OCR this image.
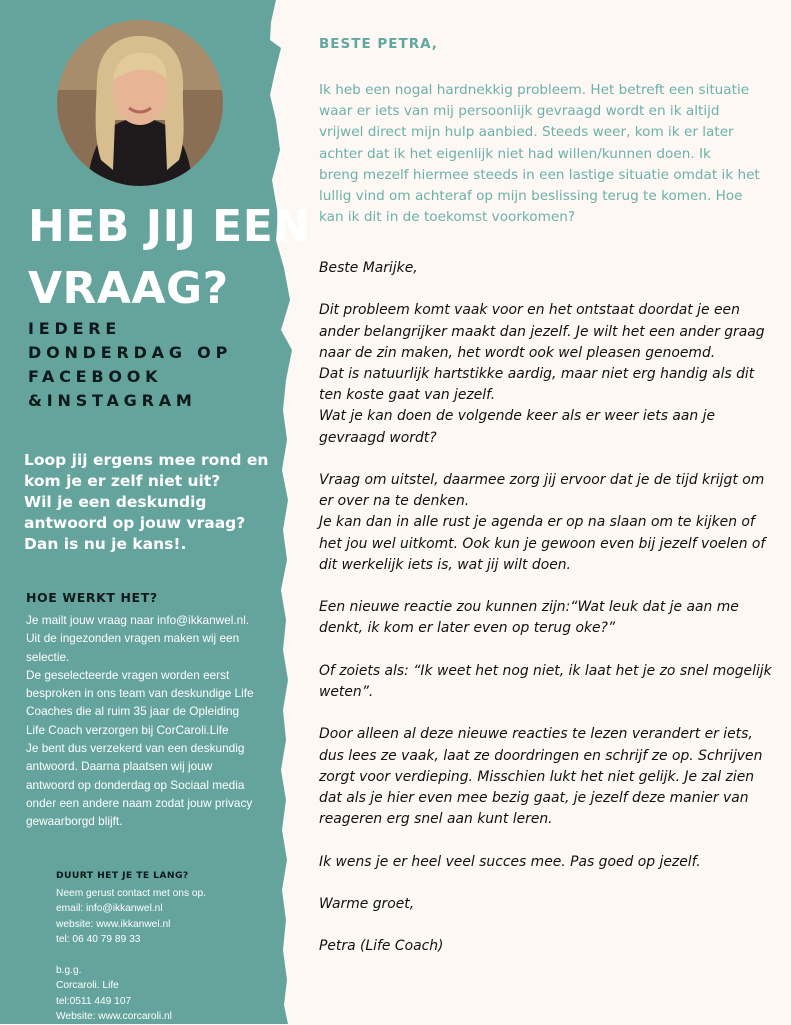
HEB JIJ EEN
VRAAG?
IEDERE
DONDERDAG OP
FACEBOOK
&INSTAGRAM
Loop jij ergens mee rond en
kom je er zelf niet uit?
Wil je een deskundig
antwoord op jouw vraag?
Dan is nu je kans!.
HOE WERKT HET?
Je mailt jouw vraag naar info@ikkanwel.nl.
Uit de ingezonden vragen maken wij een
selectie.
De geselecteerde vragen worden eerst
besproken in ons team van deskundige Life
Coaches die al ruim 35 jaar de Opleiding
Life Coach verzorgen bij CorCaroli.Life
Je bent dus verzekerd van een deskundig
antwoord. Daarna plaatsen wij jouw
antwoord op donderdag op Sociaal media
onder een andere naam zodat jouw privacy
gewaarborgd blijft.
DUURT HET JE TE LANG?
Neem gerust contact met ons op.
email: info@ikkanwel.nl
website: www.ikkanwel.nl
tel: 06 40 79 89 33
b.g.g.
Corcaroli. Life
tel:0511 449 107
Website: www.corcaroli.nl
BESTE PETRA,
Ik heb een nogal hardnekkig probleem. Het betreft een situatie
waar er iets van mij persoonlijk gevraagd wordt en ik altijd
vrijwel direct mijn hulp aanbied. Steeds weer, kom ik er later
achter dat ik het eigenlijk niet had willen/kunnen doen. Ik
breng mezelf hiermee steeds in een lastige situatie omdat ik het
lullig vind om achteraf op mijn beslissing terug te komen. Hoe
kan ik dit in de toekomst voorkomen?
Beste Marijke,
Dit probleem komt vaak voor en het ontstaat doordat je een
ander belangrijker maakt dan jezelf. Je wilt het een ander graag
naar de zin maken, het wordt ook wel pleasen genoemd.
Dat is natuurlijk hartstikke aardig, maar niet erg handig als dit
ten koste gaat van jezelf.
Wat je kan doen de volgende keer als er weer iets aan je
gevraagd wordt?
Vraag om uitstel, daarmee zorg jij ervoor dat je de tijd krijgt om
er over na te denken.
Je kan dan in alle rust je agenda er op na slaan om te kijken of
het jou wel uitkomt. Ook kun je gewoon even bij jezelf voelen of
dit werkelijk iets is, wat jij wilt doen.
Een nieuwe reactie zou kunnen zijn:“Wat leuk dat je aan me
denkt, ik kom er later even op terug oke?”
Of zoiets als: “Ik weet het nog niet, ik laat het je zo snel mogelijk
weten”.
Door alleen al deze nieuwe reacties te lezen verandert er iets,
dus lees ze vaak, laat ze doordringen en schrijf ze op. Schrijven
zorgt voor verdieping. Misschien lukt het niet gelijk. Je zal zien
dat als je hier even mee bezig gaat, je jezelf deze manier van
reageren erg snel aan kunt leren.
Ik wens je er heel veel succes mee. Pas goed op jezelf.
Warme groet,
Petra (Life Coach)
